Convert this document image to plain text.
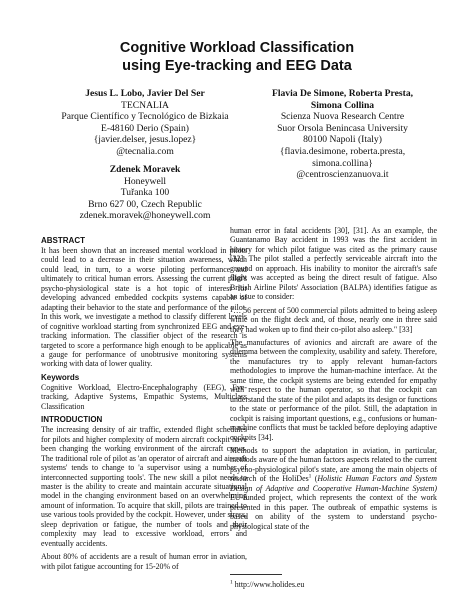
Cognitive Workload Classification
using Eye-tracking and EEG Data
Jesus L. Lobo, Javier Del Ser
TECNALIA
Parque Científico y Tecnológico de Bizkaia
E-48160 Derio (Spain)
{javier.delser, jesus.lopez}
@tecnalia.com
Flavia De Simone, Roberta Presta,
Simona Collina
Scienza Nuova Research Centre
Suor Orsola Benincasa University
80100 Napoli (Italy)
{flavia.desimone, roberta.presta,
simona.collina}
@centroscienzanuova.it
Zdenek Moravek
Honeywell
Tuřanka 100
Brno 627 00, Czech Republic
zdenek.moravek@honeywell.com
ABSTRACT

It has been shown that an increased mental workload in pilots could lead to a decrease in their situation awareness, which could lead, in turn, to a worse piloting performance and ultimately to critical human errors. Assessing the current pilot's psycho-physiological state is a hot topic of interest for developing advanced embedded cockpits systems capable of adapting their behavior to the state and performance of the pilot. In this work, we investigate a method to classify different levels of cognitive workload starting from synchronized EEG and eye-tracking information. The classifier object of the research is targeted to score a performance high enough to be applicable as a gauge for performance of unobtrusive monitoring systems working with data of lower quality.

Keywords

Cognitive Workload, Electro-Encephalography (EEG), Eye-tracking, Adaptive Systems, Empathic Systems, Multiclass Classification

INTRODUCTION

The increasing density of air traffic, extended flight schedules for pilots and higher complexity of modern aircraft cockpit have been changing the working environment of the aircraft crews. The traditional role of pilot as 'an operator of aircraft and aircraft systems' tends to change to 'a supervisor using a number of interconnected supporting tools'. The new skill a pilot needs to master is the ability to create and maintain accurate situational model in the changing environment based on an overwhelming amount of information. To acquire that skill, pilots are trained to use various tools provided by the cockpit. However, under stress, sleep deprivation or fatigue, the number of tools and their complexity may lead to excessive workload, errors and eventually accidents.

About 80% of accidents are a result of human error in aviation, with pilot fatigue accounting for 15-20% of

human error in fatal accidents [30], [31]. As an example, the Guantanamo Bay accident in 1993 was the first accident in history for which pilot fatigue was cited as the primary cause [32]. The pilot stalled a perfectly serviceable aircraft into the ground on approach. His inability to monitor the aircraft's safe flight was accepted as being the direct result of fatigue. Also British Airline Pilots' Association (BALPA) identifies fatigue as an issue to consider:

"… 56 percent of 500 commercial pilots admitted to being asleep while on the flight deck and, of those, nearly one in three said they had woken up to find their co-pilot also asleep." [33]

The manufactures of avionics and aircraft are aware of the dilemma between the complexity, usability and safety. Therefore, the manufactures try to apply relevant human-factors methodologies to improve the human-machine interface. At the same time, the cockpit systems are being extended for empathy with respect to the human operator, so that the cockpit can understand the state of the pilot and adapts its design or functions to the state or performance of the pilot. Still, the adaptation in cockpit is raising important questions, e.g., confusions or human-machine conflicts that must be tackled before deploying adaptive cockpits [34].

Methods to support the adaptation in aviation, in particular, methods aware of the human factors aspects related to the current psycho-physiological pilot's state, are among the main objects of research of the HoliDes$^1$ (Holistic Human Factors and System Design of Adaptive and Cooperative Human-Machine System) EU-funded project, which represents the context of the work presented in this paper. The outbreak of empathic systems is based on ability of the system to understand psycho-physiological state of the

$^1$ http://www.holides.eu
